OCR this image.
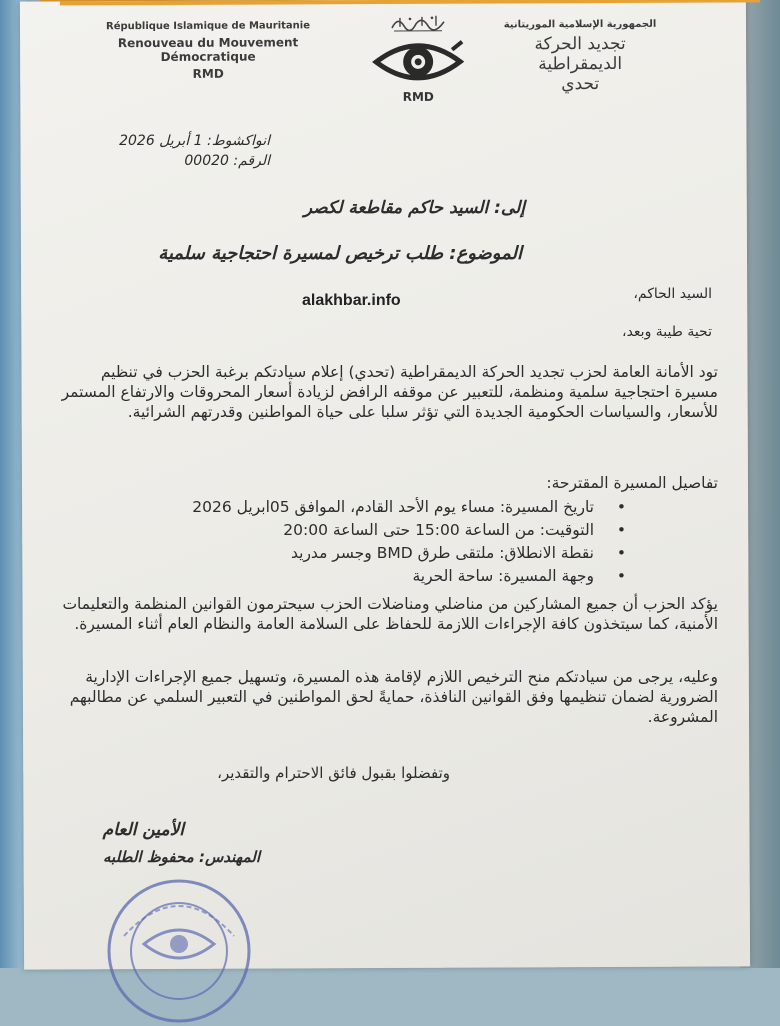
République Islamique de Mauritanie
Renouveau du Mouvement Démocratique
RMD
RMD
الجمهورية الإسلامية الموريتانية
تجديد الحركة الديمقراطية
تحدي
انواكشوط: 1 أبريل 2026
الرقم: 00020
إلى: السيد حاكم مقاطعة لكصر
الموضوع: طلب ترخيص لمسيرة احتجاجية سلمية
alakhbar.info	السيد الحاكم،
تحية طيبة وبعد،
تود الأمانة العامة لحزب تجديد الحركة الديمقراطية (تحدي) إعلام سيادتكم برغبة الحزب في تنظيم مسيرة احتجاجية سلمية ومنظمة، للتعبير عن موقفه الرافض لزيادة أسعار المحروقات والارتفاع المستمر للأسعار، والسياسات الحكومية الجديدة التي تؤثر سلبا على حياة المواطنين وقدرتهم الشرائية.
تفاصيل المسيرة المقترحة:
•
تاريخ المسيرة: مساء يوم الأحد القادم، الموافق 05ابريل 2026
•
التوقيت: من الساعة 15:00 حتى الساعة 20:00
•
نقطة الانطلاق: ملتقى طرق BMD وجسر مدريد
•
وجهة المسيرة: ساحة الحرية
يؤكد الحزب أن جميع المشاركين من مناضلي ومناضلات الحزب سيحترمون القوانين المنظمة والتعليمات الأمنية، كما سيتخذون كافة الإجراءات اللازمة للحفاظ على السلامة العامة والنظام العام أثناء المسيرة.
وعليه، يرجى من سيادتكم منح الترخيص اللازم لإقامة هذه المسيرة، وتسهيل جميع الإجراءات الإدارية الضرورية لضمان تنظيمها وفق القوانين النافذة، حمايةً لحق المواطنين في التعبير السلمي عن مطالبهم المشروعة.
وتفضلوا بقبول فائق الاحترام والتقدير،
الأمين العام
المهندس: محفوظ الطلبه
